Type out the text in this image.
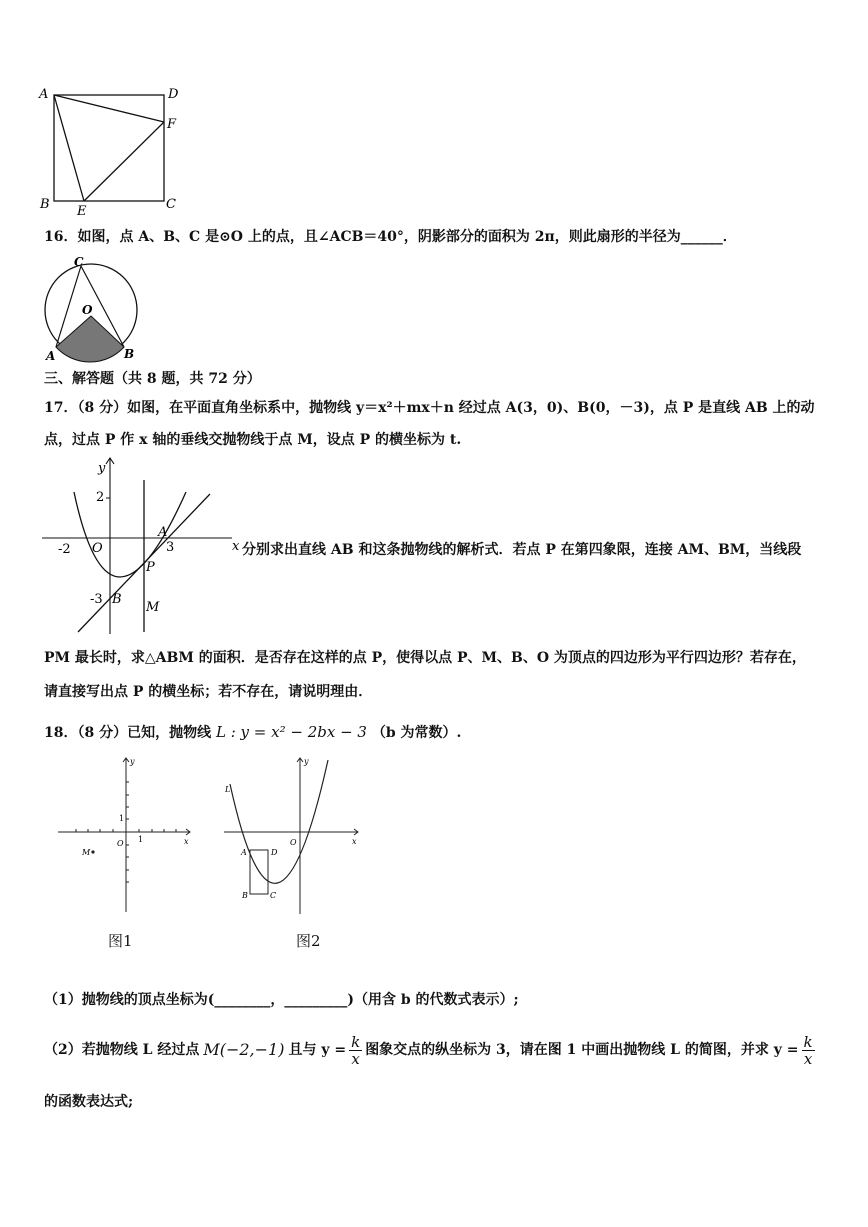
A	D
F
B E	C
16．如图，点 A、B、C 是⊙O 上的点，且∠ACB＝40°，阴影部分的面积为 2π，则此扇形的半径为______．
C
O
A	B
三、解答题（共 8 题，共 72 分）
17．（8 分）如图，在平面直角坐标系中，抛物线 y＝x²＋mx＋n 经过点 A(3，0)、B(0，－3)，点 P 是直线 AB 上的动
点，过点 P 作 x 轴的垂线交抛物线于点 M，设点 P 的横坐标为 t.
y
x
2
-2 O	3
A
P
-3 B
M
分别求出直线 AB 和这条抛物线的解析式．若点 P 在第四象限，连接 AM、BM，当线段
PM 最长时，求△ABM 的面积．是否存在这样的点 P，使得以点 P、M、B、O 为顶点的四边形为平行四边形？若存在，
请直接写出点 P 的横坐标；若不存在，请说明理由．
18．（8 分）已知，抛物线 L : y = x² − 2bx − 3 （b 为常数）.
y
x
O 1
1
M
图1
L
y
x
O
A	D
B	C
图2
（1）抛物线的顶点坐标为(________，_________)（用含 b 的代数式表示）;
（2）若抛物线 L 经过点 M(−2,−1) 且与 $y = \frac{k}{x}$ 图象交点的纵坐标为 3，请在图 1 中画出抛物线 L 的简图，并求 $y = \frac{k}{x}$
的函数表达式;
